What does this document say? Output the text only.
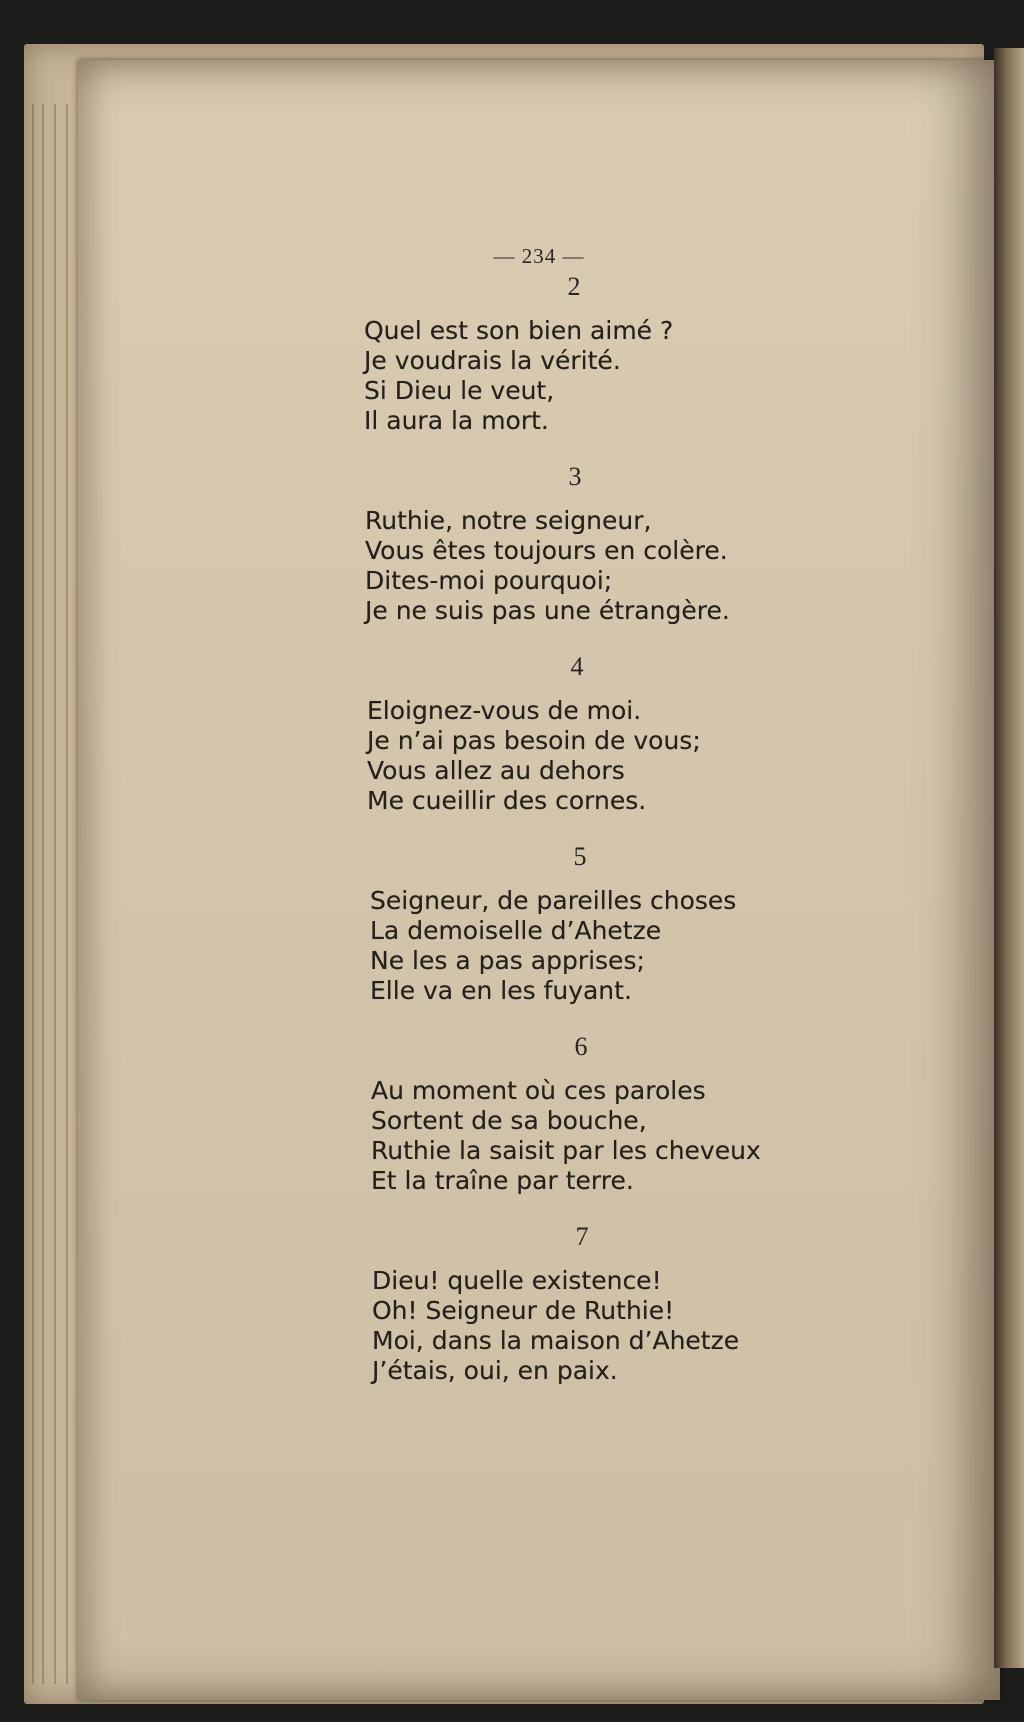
— 234 —
2
Quel est son bien aimé ?
Je voudrais la vérité.
Si Dieu le veut,
Il aura la mort.
3
Ruthie, notre seigneur,
Vous êtes toujours en colère.
Dites-moi pourquoi;
Je ne suis pas une étrangère.
4
Eloignez-vous de moi.
Je n’ai pas besoin de vous;
Vous allez au dehors
Me cueillir des cornes.
5
Seigneur, de pareilles choses
La demoiselle d’Ahetze
Ne les a pas apprises;
Elle va en les fuyant.
6
Au moment où ces paroles
Sortent de sa bouche,
Ruthie la saisit par les cheveux
Et la traîne par terre.
7
Dieu! quelle existence!
Oh! Seigneur de Ruthie!
Moi, dans la maison d’Ahetze
J’étais, oui, en paix.
